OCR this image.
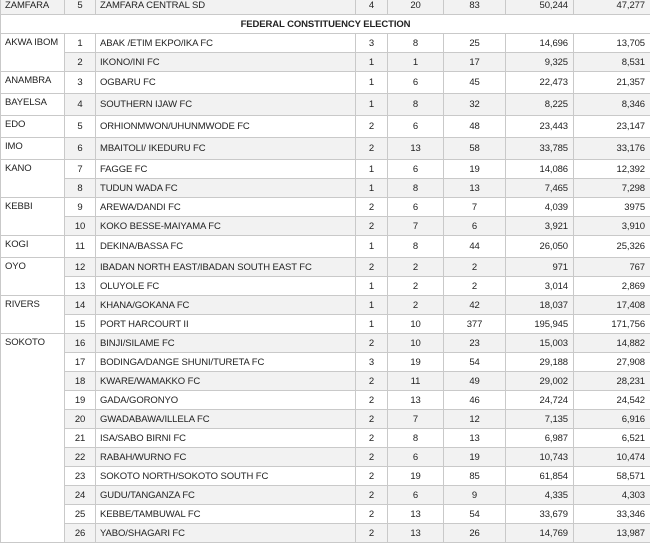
ZAMFARA	5	ZAMFARA CENTRAL SD	4	20	83	50,244	47,277
FEDERAL CONSTITUENCY ELECTION							
AKWA IBOM	1	ABAK /ETIM EKPO/IKA FC	3	8	25	14,696	13,705
	2	IKONO/INI FC	1	1	17	9,325	8,531
ANAMBRA	3	OGBARU FC	1	6	45	22,473	21,357
BAYELSA	4	SOUTHERN IJAW FC	1	8	32	8,225	8,346
EDO	5	ORHIONMWON/UHUNMWODE FC	2	6	48	23,443	23,147
IMO	6	MBAITOLI/ IKEDURU FC	2	13	58	33,785	33,176
KANO	7	FAGGE FC	1	6	19	14,086	12,392
	8	TUDUN WADA FC	1	8	13	7,465	7,298
KEBBI	9	AREWA/DANDI FC	2	6	7	4,039	3975
	10	KOKO BESSE-MAIYAMA FC	2	7	6	3,921	3,910
KOGI	11	DEKINA/BASSA FC	1	8	44	26,050	25,326
OYO	12	IBADAN NORTH EAST/IBADAN SOUTH EAST FC	2	2	2	971	767
	13	OLUYOLE FC	1	2	2	3,014	2,869
RIVERS	14	KHANA/GOKANA FC	1	2	42	18,037	17,408
	15	PORT HARCOURT II	1	10	377	195,945	171,756
SOKOTO	16	BINJI/SILAME FC	2	10	23	15,003	14,882
	17	BODINGA/DANGE SHUNI/TURETA FC	3	19	54	29,188	27,908
	18	KWARE/WAMAKKO FC	2	11	49	29,002	28,231
	19	GADA/GORONYO	2	13	46	24,724	24,542
	20	GWADABAWA/ILLELA FC	2	7	12	7,135	6,916
	21	ISA/SABO BIRNI FC	2	8	13	6,987	6,521
	22	RABAH/WURNO FC	2	6	19	10,743	10,474
	23	SOKOTO NORTH/SOKOTO SOUTH FC	2	19	85	61,854	58,571
	24	GUDU/TANGANZA FC	2	6	9	4,335	4,303
	25	KEBBE/TAMBUWAL FC	2	13	54	33,679	33,346
	26	YABO/SHAGARI FC	2	13	26	14,769	13,987
